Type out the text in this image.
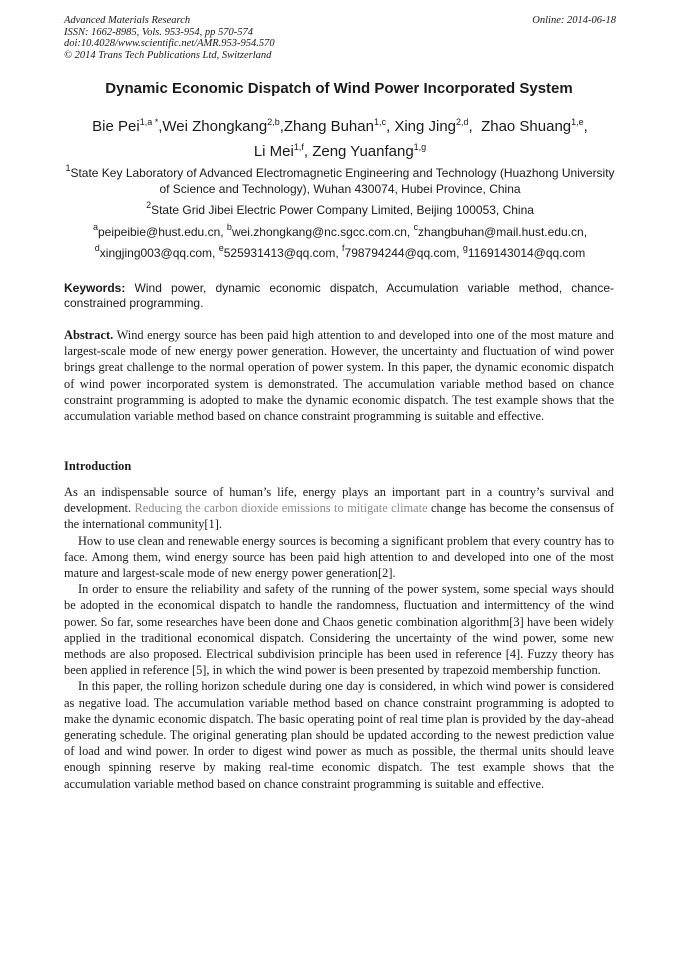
Advanced Materials Research
ISSN: 1662-8985, Vols. 953-954, pp 570-574
doi:10.4028/www.scientific.net/AMR.953-954.570
© 2014 Trans Tech Publications Ltd, Switzerland
Online: 2014-06-18
Dynamic Economic Dispatch of Wind Power Incorporated System
Bie Pei$^{1,a *}$,Wei Zhongkang$^{2,b}$,Zhang Buhan$^{1,c}$, Xing Jing$^{2,d}$,  Zhao Shuang$^{1,e}$,
Li Mei$^{1,f}$, Zeng Yuanfang$^{1,g}$
$^1$State Key Laboratory of Advanced Electromagnetic Engineering and Technology (Huazhong University of Science and Technology), Wuhan 430074, Hubei Province, China
$^2$State Grid Jibei Electric Power Company Limited, Beijing 100053, China
$^a$peipeibie@hust.edu.cn, $^b$wei.zhongkang@nc.sgcc.com.cn, $^c$zhangbuhan@mail.hust.edu.cn,
$^d$xingjing003@qq.com, $^e$525931413@qq.com, $^f$798794244@qq.com, $^g$1169143014@qq.com
Keywords: Wind power, dynamic economic dispatch, Accumulation variable method, chance-constrained programming.
Abstract. Wind energy source has been paid high attention to and developed into one of the most mature and largest-scale mode of new energy power generation. However, the uncertainty and fluctuation of wind power brings great challenge to the normal operation of power system. In this paper, the dynamic economic dispatch of wind power incorporated system is demonstrated. The accumulation variable method based on chance constraint programming is adopted to make the dynamic economic dispatch. The test example shows that the accumulation variable method based on chance constraint programming is suitable and effective.
Introduction

As an indispensable source of human’s life, energy plays an important part in a country’s survival and development. Reducing the carbon dioxide emissions to mitigate climate change has become the consensus of the international community[1].

How to use clean and renewable energy sources is becoming a significant problem that every country has to face. Among them, wind energy source has been paid high attention to and developed into one of the most mature and largest-scale mode of new energy power generation[2].

In order to ensure the reliability and safety of the running of the power system, some special ways should be adopted in the economical dispatch to handle the randomness, fluctuation and intermittency of the wind power. So far, some researches have been done and Chaos genetic combination algorithm[3] have been widely applied in the traditional economical dispatch. Considering the uncertainty of the wind power, some new methods are also proposed. Electrical subdivision principle has been used in reference [4]. Fuzzy theory has been applied in reference [5], in which the wind power is been presented by trapezoid membership function.

In this paper, the rolling horizon schedule during one day is considered, in which wind power is considered as negative load. The accumulation variable method based on chance constraint programming is adopted to make the dynamic economic dispatch. The basic operating point of real time plan is provided by the day-ahead generating schedule. The original generating plan should be updated according to the newest prediction value of load and wind power. In order to digest wind power as much as possible, the thermal units should leave enough spinning reserve by making real-time economic dispatch. The test example shows that the accumulation variable method based on chance constraint programming is suitable and effective.
